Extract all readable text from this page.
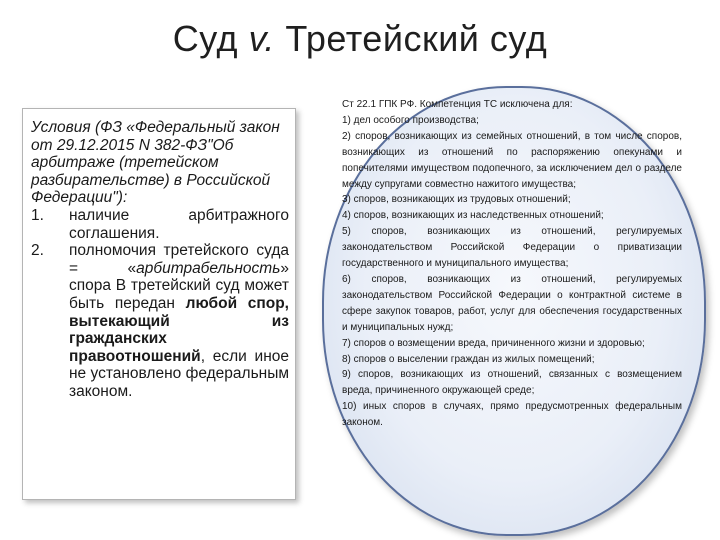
Суд v. Третейский суд
Условия (ФЗ «Федеральный закон от 29.12.2015 N 382-ФЗ"Об арбитраже (третейском разбирательстве) в Российской Федерации"):
1.	наличие арбитражного соглашения.
2.	полномочия третейского суда = «арбитрабельность» спора В третейский суд может быть передан любой спор, вытекающий из гражданских правоотношений, если иное не установлено федеральным законом.

Ст 22.1 ГПК РФ. Компетенция ТС исключена для:

1) дел особого производства;

2) споров, возникающих из семейных отношений, в том числе споров, возникающих из отношений по распоряжению опекунами и попечителями имуществом подопечного, за исключением дел о разделе между супругами совместно нажитого имущества;

3) споров, возникающих из трудовых отношений;

4) споров, возникающих из наследственных отношений;

5) споров, возникающих из отношений, регулируемых законодательством Российской Федерации о приватизации государственного и муниципального имущества;

6) споров, возникающих из отношений, регулируемых законодательством Российской Федерации о контрактной системе в сфере закупок товаров, работ, услуг для обеспечения государственных и муниципальных нужд;

7) споров о возмещении вреда, причиненного жизни и здоровью;

8) споров о выселении граждан из жилых помещений;

9) споров, возникающих из отношений, связанных с возмещением вреда, причиненного окружающей среде;

10) иных споров в случаях, прямо предусмотренных федеральным законом.
